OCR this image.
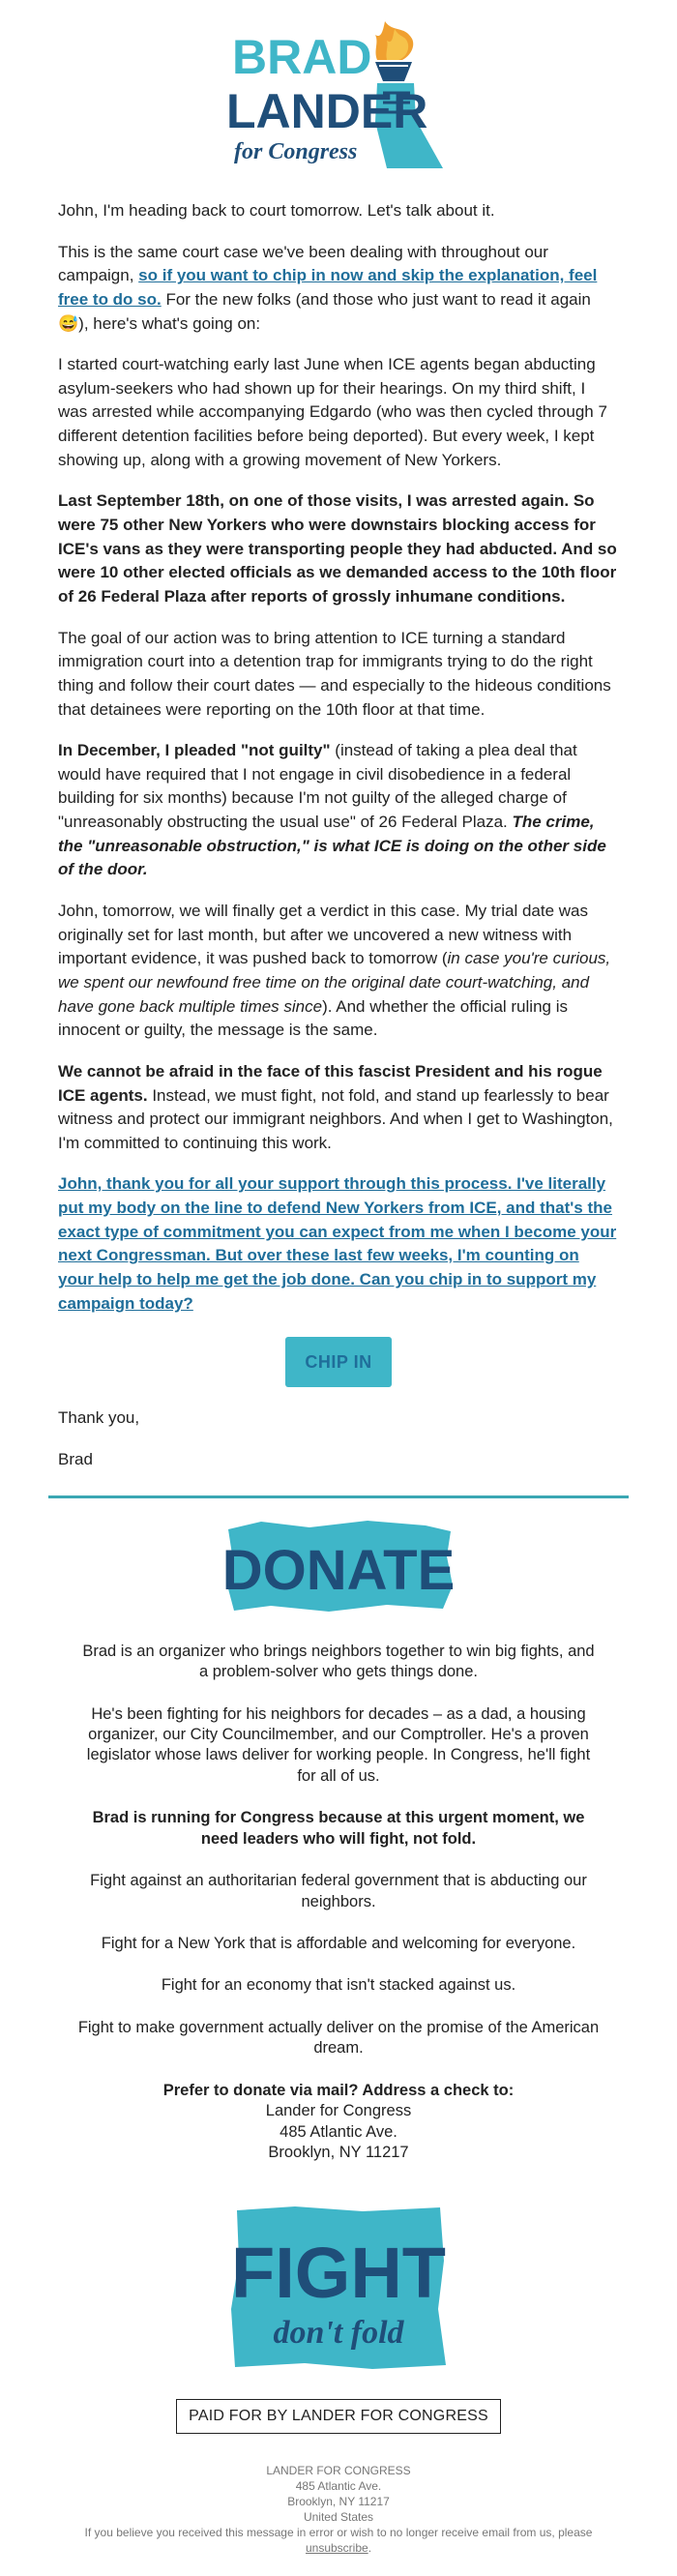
BRAD
LANDER
for Congress

John, I'm heading back to court tomorrow. Let's talk about it.

This is the same court case we've been dealing with throughout our campaign, so if you want to chip in now and skip the explanation, feel free to do so. For the new folks (and those who just want to read it again 😅), here's what's going on:

I started court-watching early last June when ICE agents began abducting asylum-seekers who had shown up for their hearings. On my third shift, I was arrested while accompanying Edgardo (who was then cycled through 7 different detention facilities before being deported). But every week, I kept showing up, along with a growing movement of New Yorkers.

Last September 18th, on one of those visits, I was arrested again. So were 75 other New Yorkers who were downstairs blocking access for ICE's vans as they were transporting people they had abducted. And so were 10 other elected officials as we demanded access to the 10th floor of 26 Federal Plaza after reports of grossly inhumane conditions.

The goal of our action was to bring attention to ICE turning a standard immigration court into a detention trap for immigrants trying to do the right thing and follow their court dates — and especially to the hideous conditions that detainees were reporting on the 10th floor at that time.

In December, I pleaded "not guilty" (instead of taking a plea deal that would have required that I not engage in civil disobedience in a federal building for six months) because I'm not guilty of the alleged charge of "unreasonably obstructing the usual use" of 26 Federal Plaza. The crime, the "unreasonable obstruction," is what ICE is doing on the other side of the door.

John, tomorrow, we will finally get a verdict in this case. My trial date was originally set for last month, but after we uncovered a new witness with important evidence, it was pushed back to tomorrow (in case you're curious, we spent our newfound free time on the original date court-watching, and have gone back multiple times since). And whether the official ruling is innocent or guilty, the message is the same.

We cannot be afraid in the face of this fascist President and his rogue ICE agents. Instead, we must fight, not fold, and stand up fearlessly to bear witness and protect our immigrant neighbors. And when I get to Washington, I'm committed to continuing this work.

John, thank you for all your support through this process. I've literally put my body on the line to defend New Yorkers from ICE, and that's the exact type of commitment you can expect from me when I become your next Congressman. But over these last few weeks, I'm counting on your help to help me get the job done. Can you chip in to support my campaign today?

CHIP IN

Thank you,

Brad

DONATE

Brad is an organizer who brings neighbors together to win big fights, and a problem-solver who gets things done.

He's been fighting for his neighbors for decades – as a dad, a housing organizer, our City Councilmember, and our Comptroller. He's a proven legislator whose laws deliver for working people. In Congress, he'll fight for all of us.

Brad is running for Congress because at this urgent moment, we need leaders who will fight, not fold.

Fight against an authoritarian federal government that is abducting our neighbors.

Fight for a New York that is affordable and welcoming for everyone.

Fight for an economy that isn't stacked against us.

Fight to make government actually deliver on the promise of the American dream.

Prefer to donate via mail? Address a check to:
Lander for Congress
485 Atlantic Ave.
Brooklyn, NY 11217
FIGHT
don't fold
PAID FOR BY LANDER FOR CONGRESS
LANDER FOR CONGRESS
485 Atlantic Ave.
Brooklyn, NY 11217
United States
If you believe you received this message in error or wish to no longer receive email from us, please unsubscribe.
